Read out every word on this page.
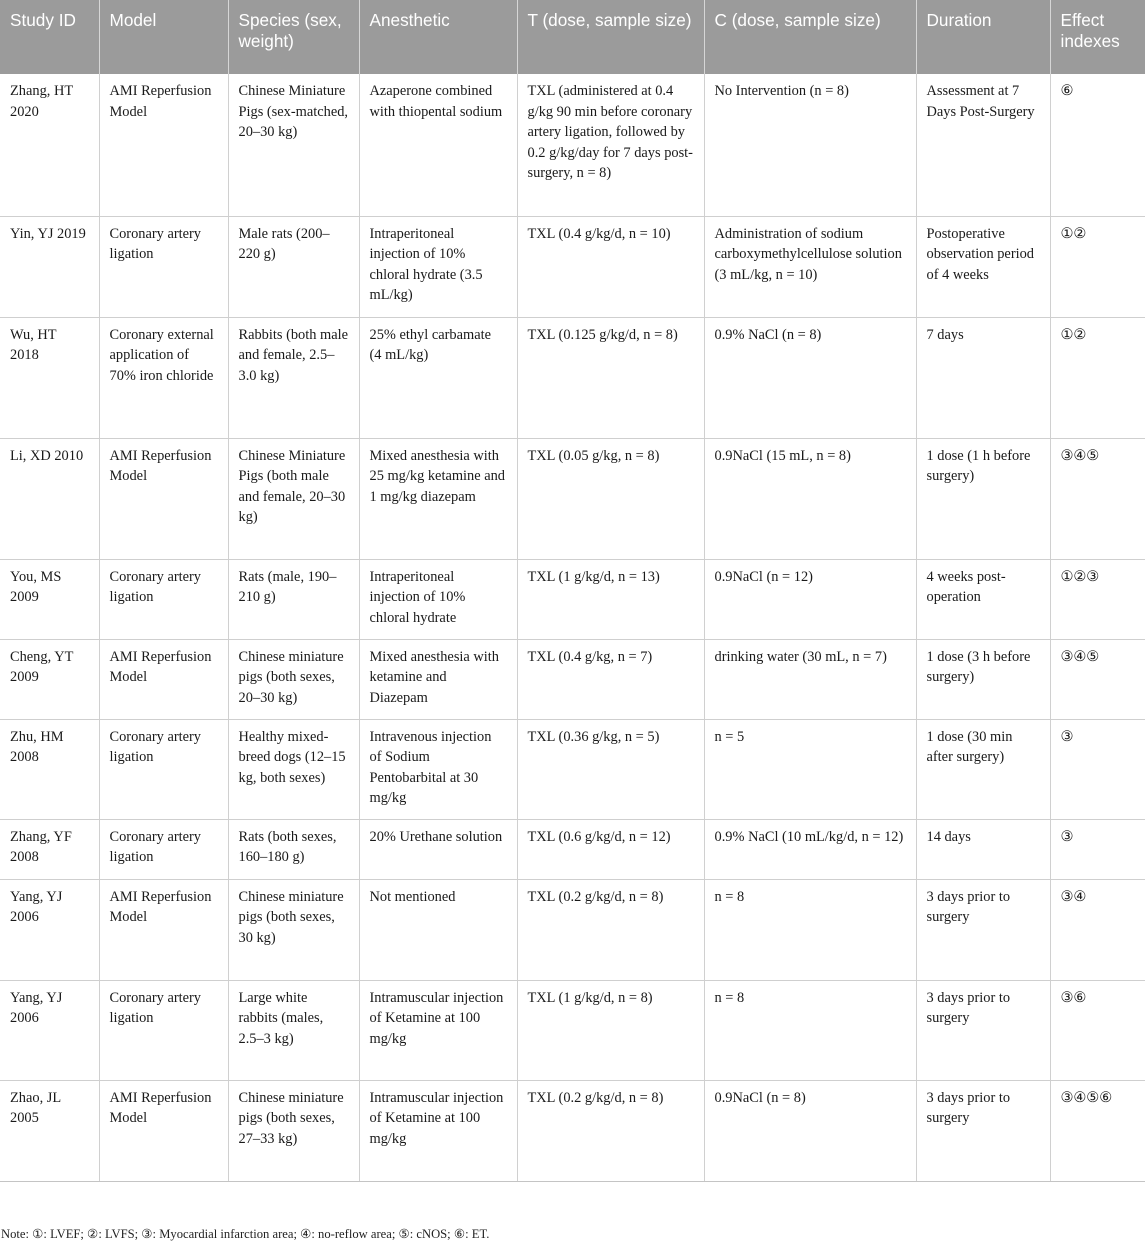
Study ID	Model	Species (sex, weight)	Anesthetic	T (dose, sample size)	C (dose, sample size)	Duration	Effect indexes
Zhang, HT 2020	AMI Reperfusion Model	Chinese Miniature Pigs (sex-matched, 20–30 kg)	Azaperone combined with thiopental sodium	TXL (administered at 0.4 g/kg 90 min before coronary artery ligation, followed by 0.2 g/kg/day for 7 days post-surgery, n = 8)	No Intervention (n = 8)	Assessment at 7 Days Post-Surgery	⑥
Yin, YJ 2019	Coronary artery ligation	Male rats (200–220 g)	Intraperitoneal injection of 10% chloral hydrate (3.5 mL/kg)	TXL (0.4 g/kg/d, n = 10)	Administration of sodium carboxymethylcellulose solution (3 mL/kg, n = 10)	Postoperative observation period of 4 weeks	①②
Wu, HT 2018	Coronary external application of 70% iron chloride	Rabbits (both male and female, 2.5–3.0 kg)	25% ethyl carbamate (4 mL/kg)	TXL (0.125 g/kg/d, n = 8)	0.9% NaCl (n = 8)	7 days	①②
Li, XD 2010	AMI Reperfusion Model	Chinese Miniature Pigs (both male and female, 20–30 kg)	Mixed anesthesia with 25 mg/kg ketamine and 1 mg/kg diazepam	TXL (0.05 g/kg, n = 8)	0.9NaCl (15 mL, n = 8)	1 dose (1 h before surgery)	③④⑤
You, MS 2009	Coronary artery ligation	Rats (male, 190–210 g)	Intraperitoneal injection of 10% chloral hydrate	TXL (1 g/kg/d, n = 13)	0.9NaCl (n = 12)	4 weeks post-operation	①②③
Cheng, YT 2009	AMI Reperfusion Model	Chinese miniature pigs (both sexes, 20–30 kg)	Mixed anesthesia with ketamine and Diazepam	TXL (0.4 g/kg, n = 7)	drinking water (30 mL, n = 7)	1 dose (3 h before surgery)	③④⑤
Zhu, HM 2008	Coronary artery ligation	Healthy mixed-breed dogs (12–15 kg, both sexes)	Intravenous injection of Sodium Pentobarbital at 30 mg/kg	TXL (0.36 g/kg, n = 5)	n = 5	1 dose (30 min after surgery)	③
Zhang, YF 2008	Coronary artery ligation	Rats (both sexes, 160–180 g)	20% Urethane solution	TXL (0.6 g/kg/d, n = 12)	0.9% NaCl (10 mL/kg/d, n = 12)	14 days	③
Yang, YJ 2006	AMI Reperfusion Model	Chinese miniature pigs (both sexes, 30 kg)	Not mentioned	TXL (0.2 g/kg/d, n = 8)	n = 8	3 days prior to surgery	③④
Yang, YJ 2006	Coronary artery ligation	Large white rabbits (males, 2.5–3 kg)	Intramuscular injection of Ketamine at 100 mg/kg	TXL (1 g/kg/d, n = 8)	n = 8	3 days prior to surgery	③⑥
Zhao, JL 2005	AMI Reperfusion Model	Chinese miniature pigs (both sexes, 27–33 kg)	Intramuscular injection of Ketamine at 100 mg/kg	TXL (0.2 g/kg/d, n = 8)	0.9NaCl (n = 8)	3 days prior to surgery	③④⑤⑥
Note: ①: LVEF; ②: LVFS; ③: Myocardial infarction area; ④: no-reflow area; ⑤: cNOS; ⑥: ET.
